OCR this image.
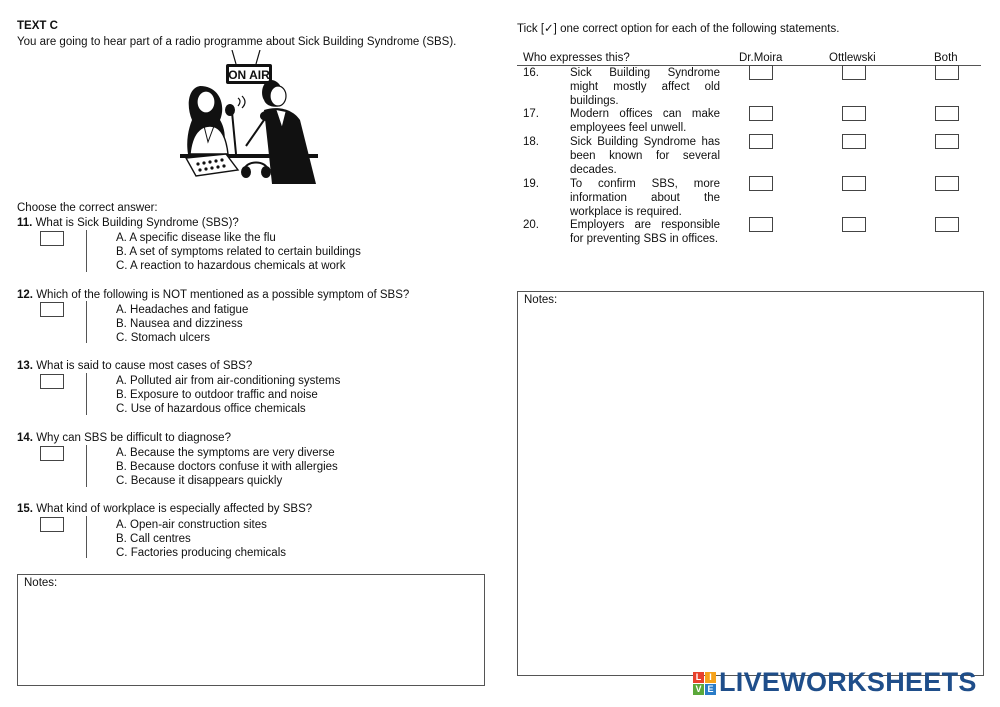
TEXT C
You are going to hear part of a radio programme about Sick Building Syndrome (SBS).
ON AIR
Choose the correct answer:
11. What is Sick Building Syndrome (SBS)?
A. A specific disease like the flu
B. A set of symptoms related to certain buildings
C. A reaction to hazardous chemicals at work
12. Which of the following is NOT mentioned as a possible symptom of SBS?
A. Headaches and fatigue
B. Nausea and dizziness
C. Stomach ulcers
13. What is said to cause most cases of SBS?
A. Polluted air from air-conditioning systems
B. Exposure to outdoor traffic and noise
C. Use of hazardous office chemicals
14. Why can SBS be difficult to diagnose?
A. Because the symptoms are very diverse
B. Because doctors confuse it with allergies
C. Because it disappears quickly
15. What kind of workplace is especially affected by SBS?
A. Open-air construction sites
B. Call centres
C. Factories producing chemicals
Notes:
Tick [✓] one correct option for each of the following statements.
Who expresses this?	Dr.Moira	Ottlewski	Both
16.	Sick Building Syndrome might mostly affect old buildings.
17.	Modern offices can make employees feel unwell.
18.	Sick Building Syndrome has been known for several decades.
19.	To confirm SBS, more information about the workplace is required.
20.	Employers are responsible for preventing SBS in offices.
Notes:
L I
V E LIVEWORKSHEETS
